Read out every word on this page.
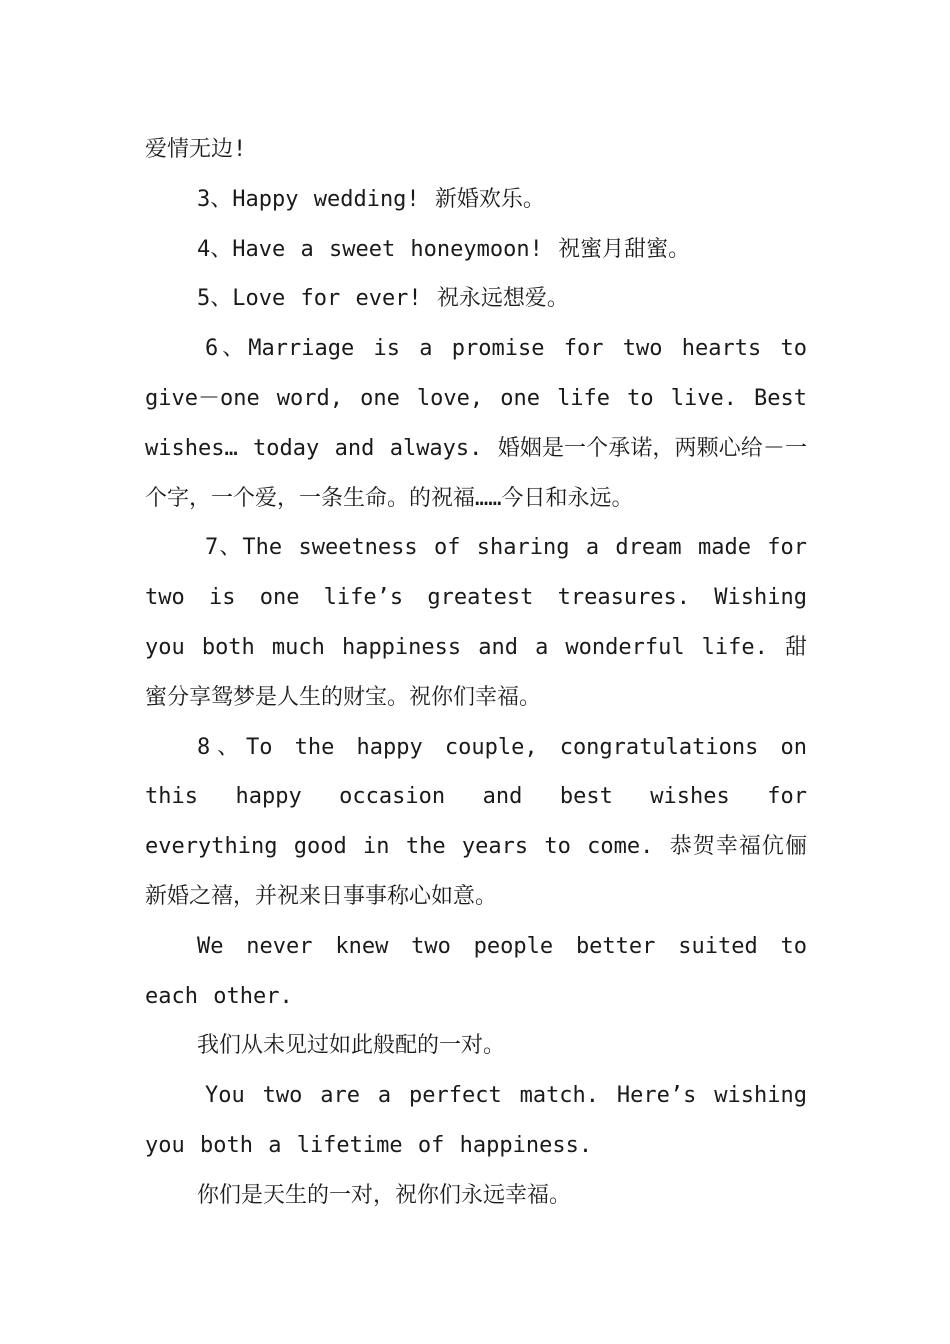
爱情无边!

3、Happy wedding! 新婚欢乐。

4、Have a sweet honeymoon! 祝蜜月甜蜜。

5、Love for ever! 祝永远想爱。

6、Marriage is a promise for two hearts to give－one word, one love, one life to live. Best wishes… today and always. 婚姻是一个承诺，两颗心给－一个字，一个爱，一条生命。的祝福……今日和永远。

7、The sweetness of sharing a dream made for two is one life’s greatest treasures. Wishing you both much happiness and a wonderful life. 甜蜜分享鸳梦是人生的财宝。祝你们幸福。

8、To the happy couple, congratulations on this happy occasion and best wishes for everything good in the years to come. 恭贺幸福伉俪新婚之禧，并祝来日事事称心如意。

We never knew two people better suited to each other.

我们从未见过如此般配的一对。

You two are a perfect match. Here’s wishing you both a lifetime of happiness.

你们是天生的一对，祝你们永远幸福。
